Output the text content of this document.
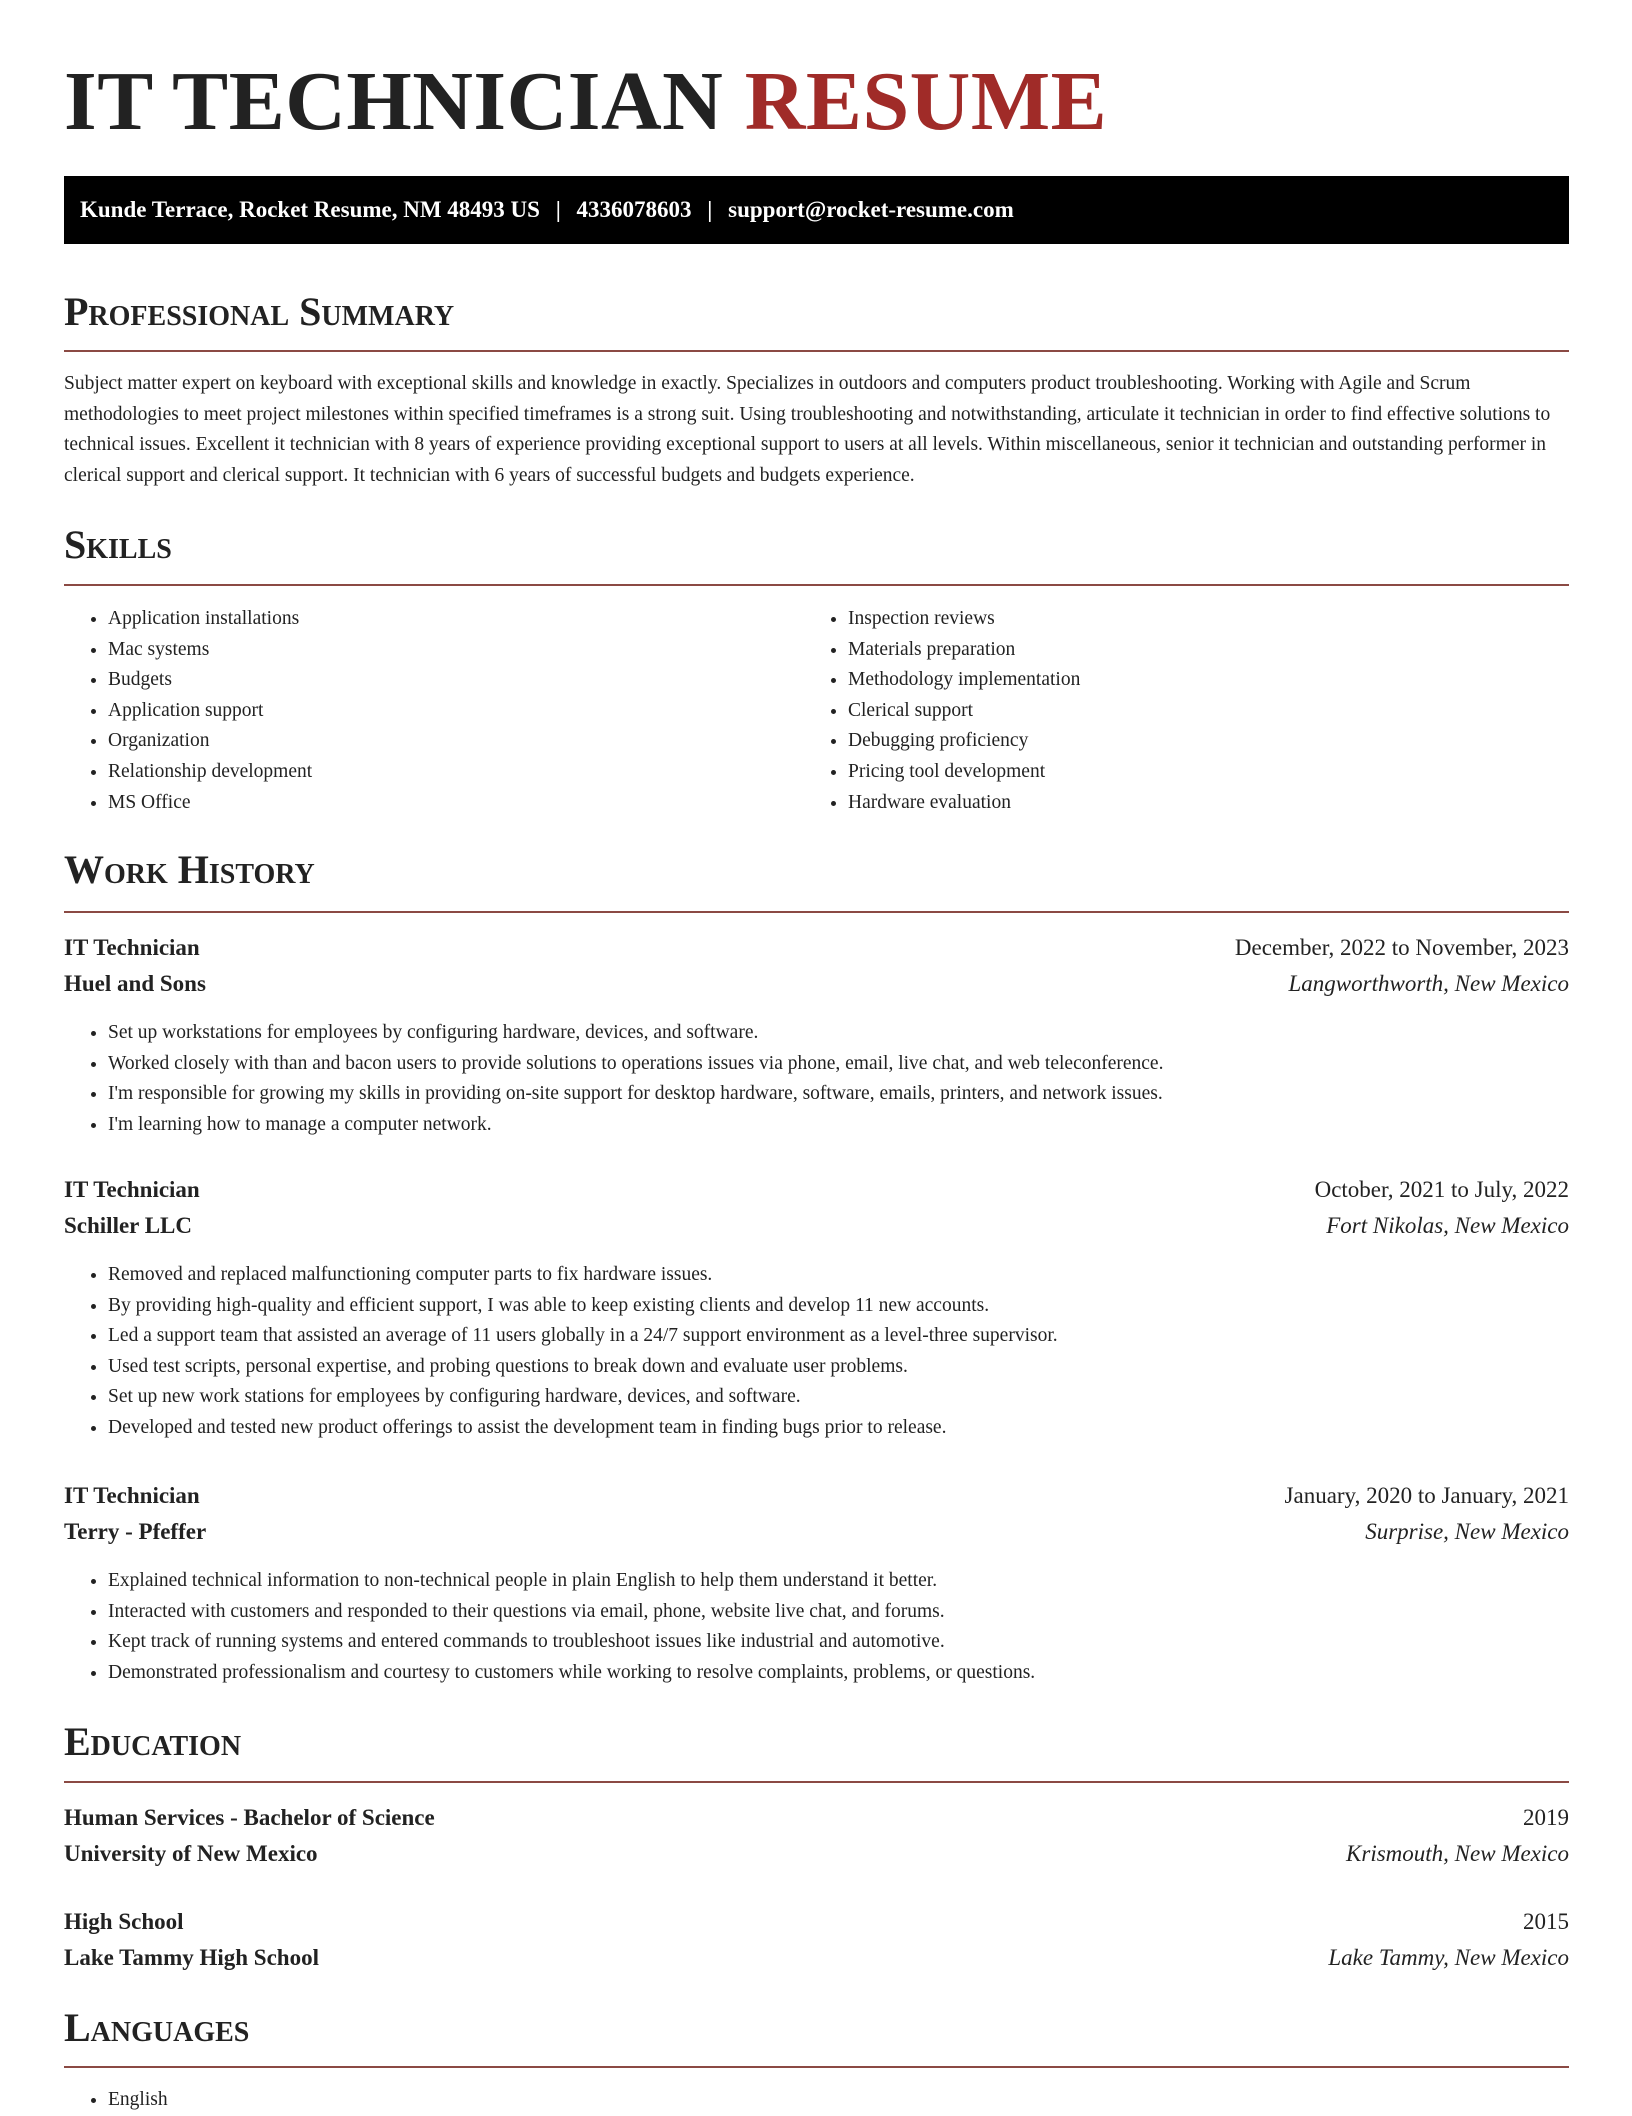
IT TECHNICIAN RESUME
Kunde Terrace, Rocket Resume, NM 48493 US | 4336078603 | support@rocket-resume.com
Professional Summary

Subject matter expert on keyboard with exceptional skills and knowledge in exactly. Specializes in outdoors and computers product troubleshooting. Working with Agile and Scrum methodologies to meet project milestones within specified timeframes is a strong suit. Using troubleshooting and notwithstanding, articulate it technician in order to find effective solutions to technical issues. Excellent it technician with 8 years of experience providing exceptional support to users at all levels. Within miscellaneous, senior it technician and outstanding performer in clerical support and clerical support. It technician with 6 years of successful budgets and budgets experience.

Skills
• Application installations
• Mac systems
• Budgets
• Application support
• Organization
• Relationship development
• MS Office
• Inspection reviews
• Materials preparation
• Methodology implementation
• Clerical support
• Debugging proficiency
• Pricing tool development
• Hardware evaluation
Work History
IT Technician	December, 2022 to November, 2023
Huel and Sons	Langworthworth, New Mexico
• Set up workstations for employees by configuring hardware, devices, and software.
• Worked closely with than and bacon users to provide solutions to operations issues via phone, email, live chat, and web teleconference.
• I'm responsible for growing my skills in providing on-site support for desktop hardware, software, emails, printers, and network issues.
• I'm learning how to manage a computer network.
IT Technician	October, 2021 to July, 2022
Schiller LLC	Fort Nikolas, New Mexico
• Removed and replaced malfunctioning computer parts to fix hardware issues.
• By providing high-quality and efficient support, I was able to keep existing clients and develop 11 new accounts.
• Led a support team that assisted an average of 11 users globally in a 24/7 support environment as a level-three supervisor.
• Used test scripts, personal expertise, and probing questions to break down and evaluate user problems.
• Set up new work stations for employees by configuring hardware, devices, and software.
• Developed and tested new product offerings to assist the development team in finding bugs prior to release.
IT Technician	January, 2020 to January, 2021
Terry - Pfeffer	Surprise, New Mexico
• Explained technical information to non-technical people in plain English to help them understand it better.
• Interacted with customers and responded to their questions via email, phone, website live chat, and forums.
• Kept track of running systems and entered commands to troubleshoot issues like industrial and automotive.
• Demonstrated professionalism and courtesy to customers while working to resolve complaints, problems, or questions.
Education
Human Services - Bachelor of Science	2019
University of New Mexico	Krismouth, New Mexico
High School	2015
Lake Tammy High School	Lake Tammy, New Mexico
Languages
• English
